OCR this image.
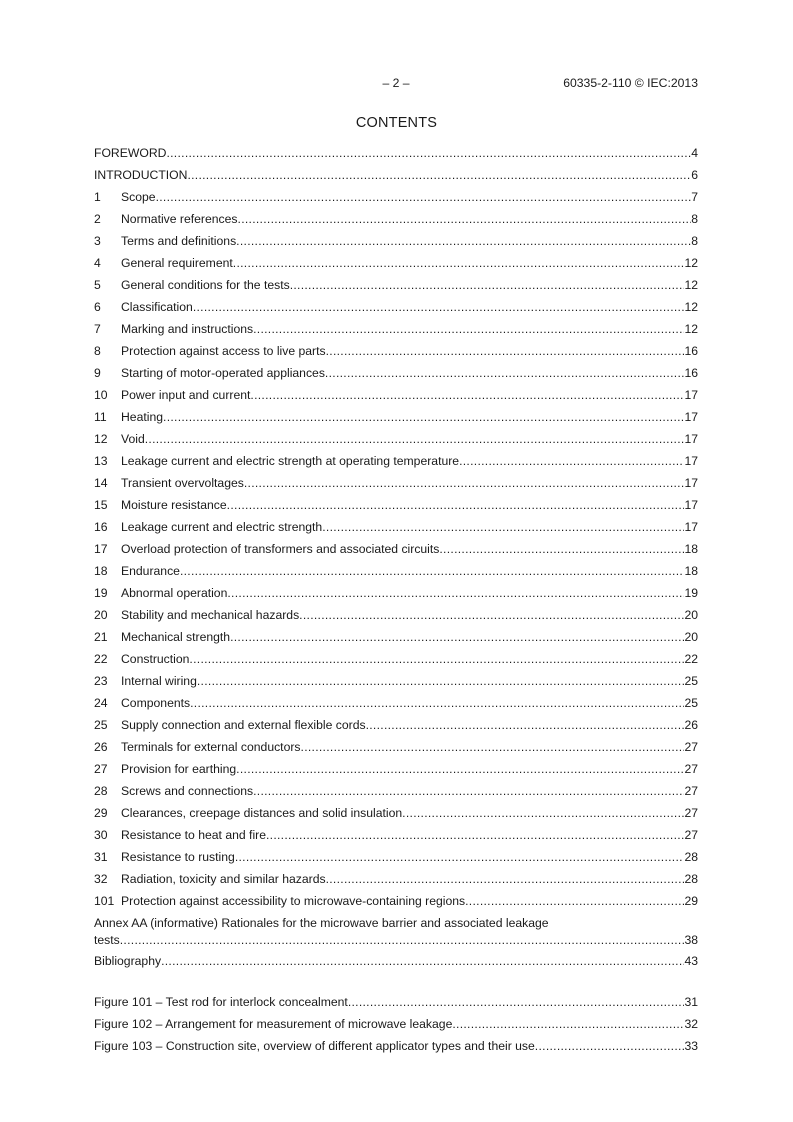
– 2 –	60335-2-110 © IEC:2013
CONTENTS
FOREWORD . . .	4
INTRODUCTION . . .	6
1	Scope . . .	7
2	Normative references . . .	8
3	Terms and definitions . . .	8
4	General requirement . . .	12
5	General conditions for the tests . . .	12
6	Classification . . .	12
7	Marking and instructions . . .	12
8	Protection against access to live parts . . .	16
9	Starting of motor-operated appliances . . .	16
10	Power input and current . . .	17
11	Heating . . .	17
12	Void . . .	17
13	Leakage current and electric strength at operating temperature . . .	17
14	Transient overvoltages . . .	17
15	Moisture resistance . . .	17
16	Leakage current and electric strength . . .	17
17	Overload protection of transformers and associated circuits . . .	18
18	Endurance . . .	18
19	Abnormal operation . . .	19
20	Stability and mechanical hazards . . .	20
21	Mechanical strength . . .	20
22	Construction . . .	22
23	Internal wiring . . .	25
24	Components . . .	25
25	Supply connection and external flexible cords . . .	26
26	Terminals for external conductors . . .	27
27	Provision for earthing . . .	27
28	Screws and connections . . .	27
29	Clearances, creepage distances and solid insulation . . .	27
30	Resistance to heat and fire . . .	27
31	Resistance to rusting . . .	28
32	Radiation, toxicity and similar hazards . . .	28
101 Protection against accessibility to microwave-containing regions . . .	29
Annex AA (informative) Rationales for the microwave barrier and associated leakage
tests . . .	38
Bibliography . . .	43
Figure 101 – Test rod for interlock concealment . . .	31
Figure 102 – Arrangement for measurement of microwave leakage . . .	32
Figure 103 – Construction site, overview of different applicator types and their use . . .	33
